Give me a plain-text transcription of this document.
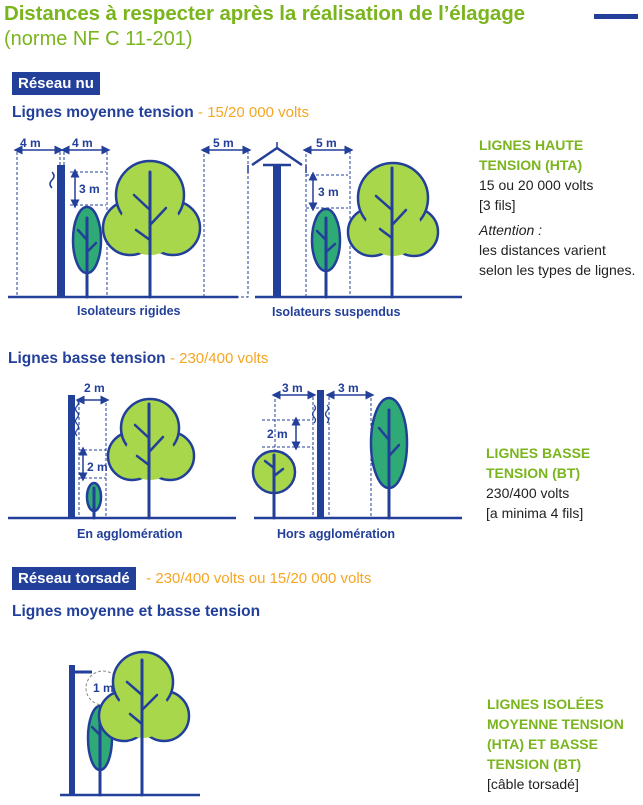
Distances à respecter après la réalisation de l’élagage
(norme NF C 11-201)
Réseau nu
Lignes moyenne tension - 15/20 000 volts
Lignes basse tension - 230/400 volts
Réseau torsadé - 230/400 volts ou 15/20 000 volts
Lignes moyenne et basse tension
4 m	4 m
3 m
5 m	5 m
3 m
2 m
2 m
3 m
2 m
3 m
1 m
Isolateurs rigides	Isolateurs suspendus
En agglomération	Hors agglomération
LIGNES HAUTE
TENSION (HTA)
15 ou 20 000 volts
[3 fils]
Attention :
les distances varient selon les types de lignes.
LIGNES BASSE
TENSION (BT)
230/400 volts
[a minima 4 fils]
LIGNES ISOLÉES
MOYENNE TENSION
(HTA) ET BASSE
TENSION (BT)
[câble torsadé]
